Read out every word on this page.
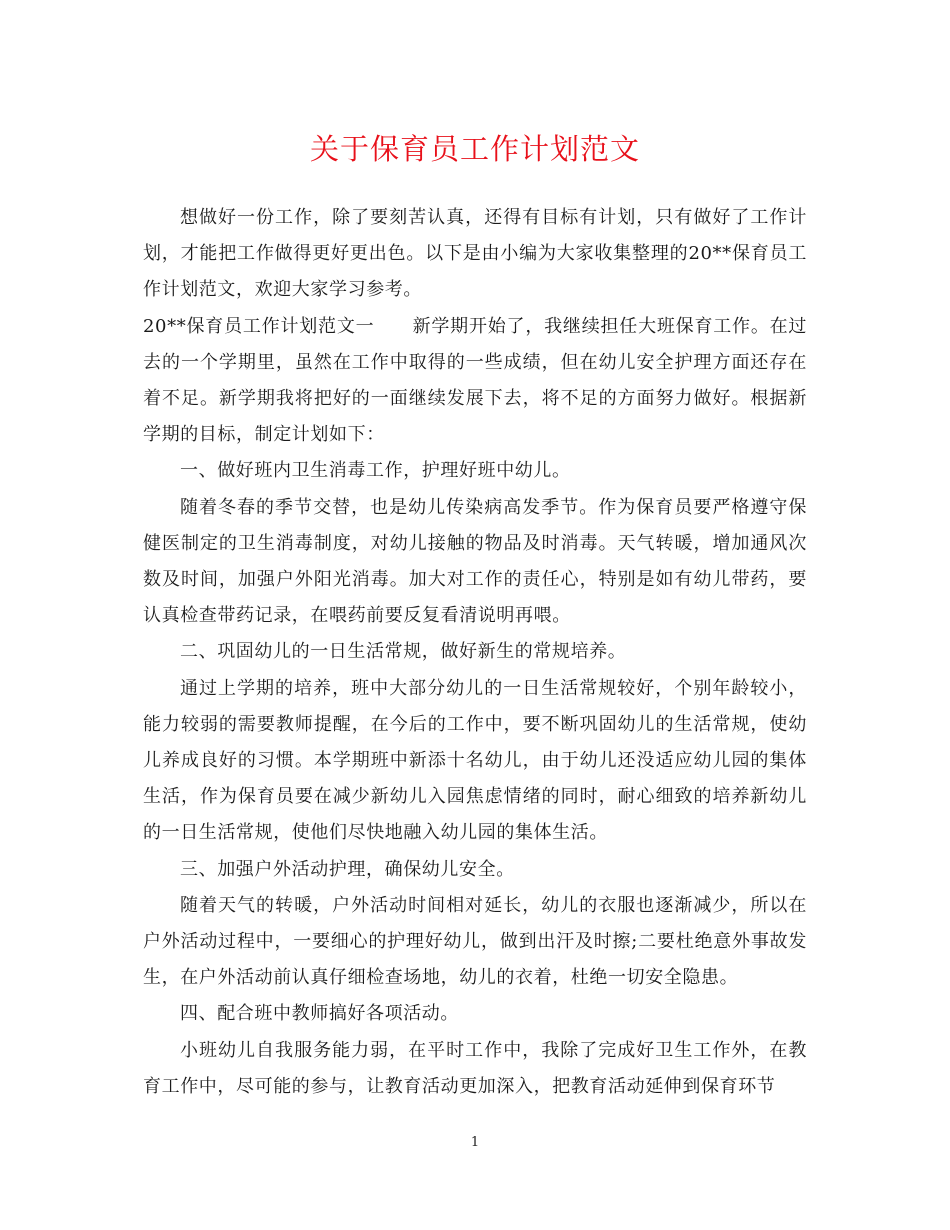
关于保育员工作计划范文

想做好一份工作，除了要刻苦认真，还得有目标有计划，只有做好了工作计划，才能把工作做得更好更出色。以下是由小编为大家收集整理的20**保育员工作计划范文，欢迎大家学习参考。

20**保育员工作计划范文一 新学期开始了，我继续担任大班保育工作。在过去的一个学期里，虽然在工作中取得的一些成绩，但在幼儿安全护理方面还存在着不足。新学期我将把好的一面继续发展下去，将不足的方面努力做好。根据新学期的目标，制定计划如下：

一、做好班内卫生消毒工作，护理好班中幼儿。

随着冬春的季节交替，也是幼儿传染病高发季节。作为保育员要严格遵守保健医制定的卫生消毒制度，对幼儿接触的物品及时消毒。天气转暖，增加通风次数及时间，加强户外阳光消毒。加大对工作的责任心，特别是如有幼儿带药，要认真检查带药记录，在喂药前要反复看清说明再喂。

二、巩固幼儿的一日生活常规，做好新生的常规培养。

通过上学期的培养，班中大部分幼儿的一日生活常规较好，个别年龄较小，能力较弱的需要教师提醒，在今后的工作中，要不断巩固幼儿的生活常规，使幼儿养成良好的习惯。本学期班中新添十名幼儿，由于幼儿还没适应幼儿园的集体生活，作为保育员要在减少新幼儿入园焦虑情绪的同时，耐心细致的培养新幼儿的一日生活常规，使他们尽快地融入幼儿园的集体生活。

三、加强户外活动护理，确保幼儿安全。

随着天气的转暖，户外活动时间相对延长，幼儿的衣服也逐渐减少，所以在户外活动过程中，一要细心的护理好幼儿，做到出汗及时擦;二要杜绝意外事故发生，在户外活动前认真仔细检查场地，幼儿的衣着，杜绝一切安全隐患。

四、配合班中教师搞好各项活动。

小班幼儿自我服务能力弱，在平时工作中，我除了完成好卫生工作外，在教育工作中，尽可能的参与，让教育活动更加深入，把教育活动延伸到保育环节

1
